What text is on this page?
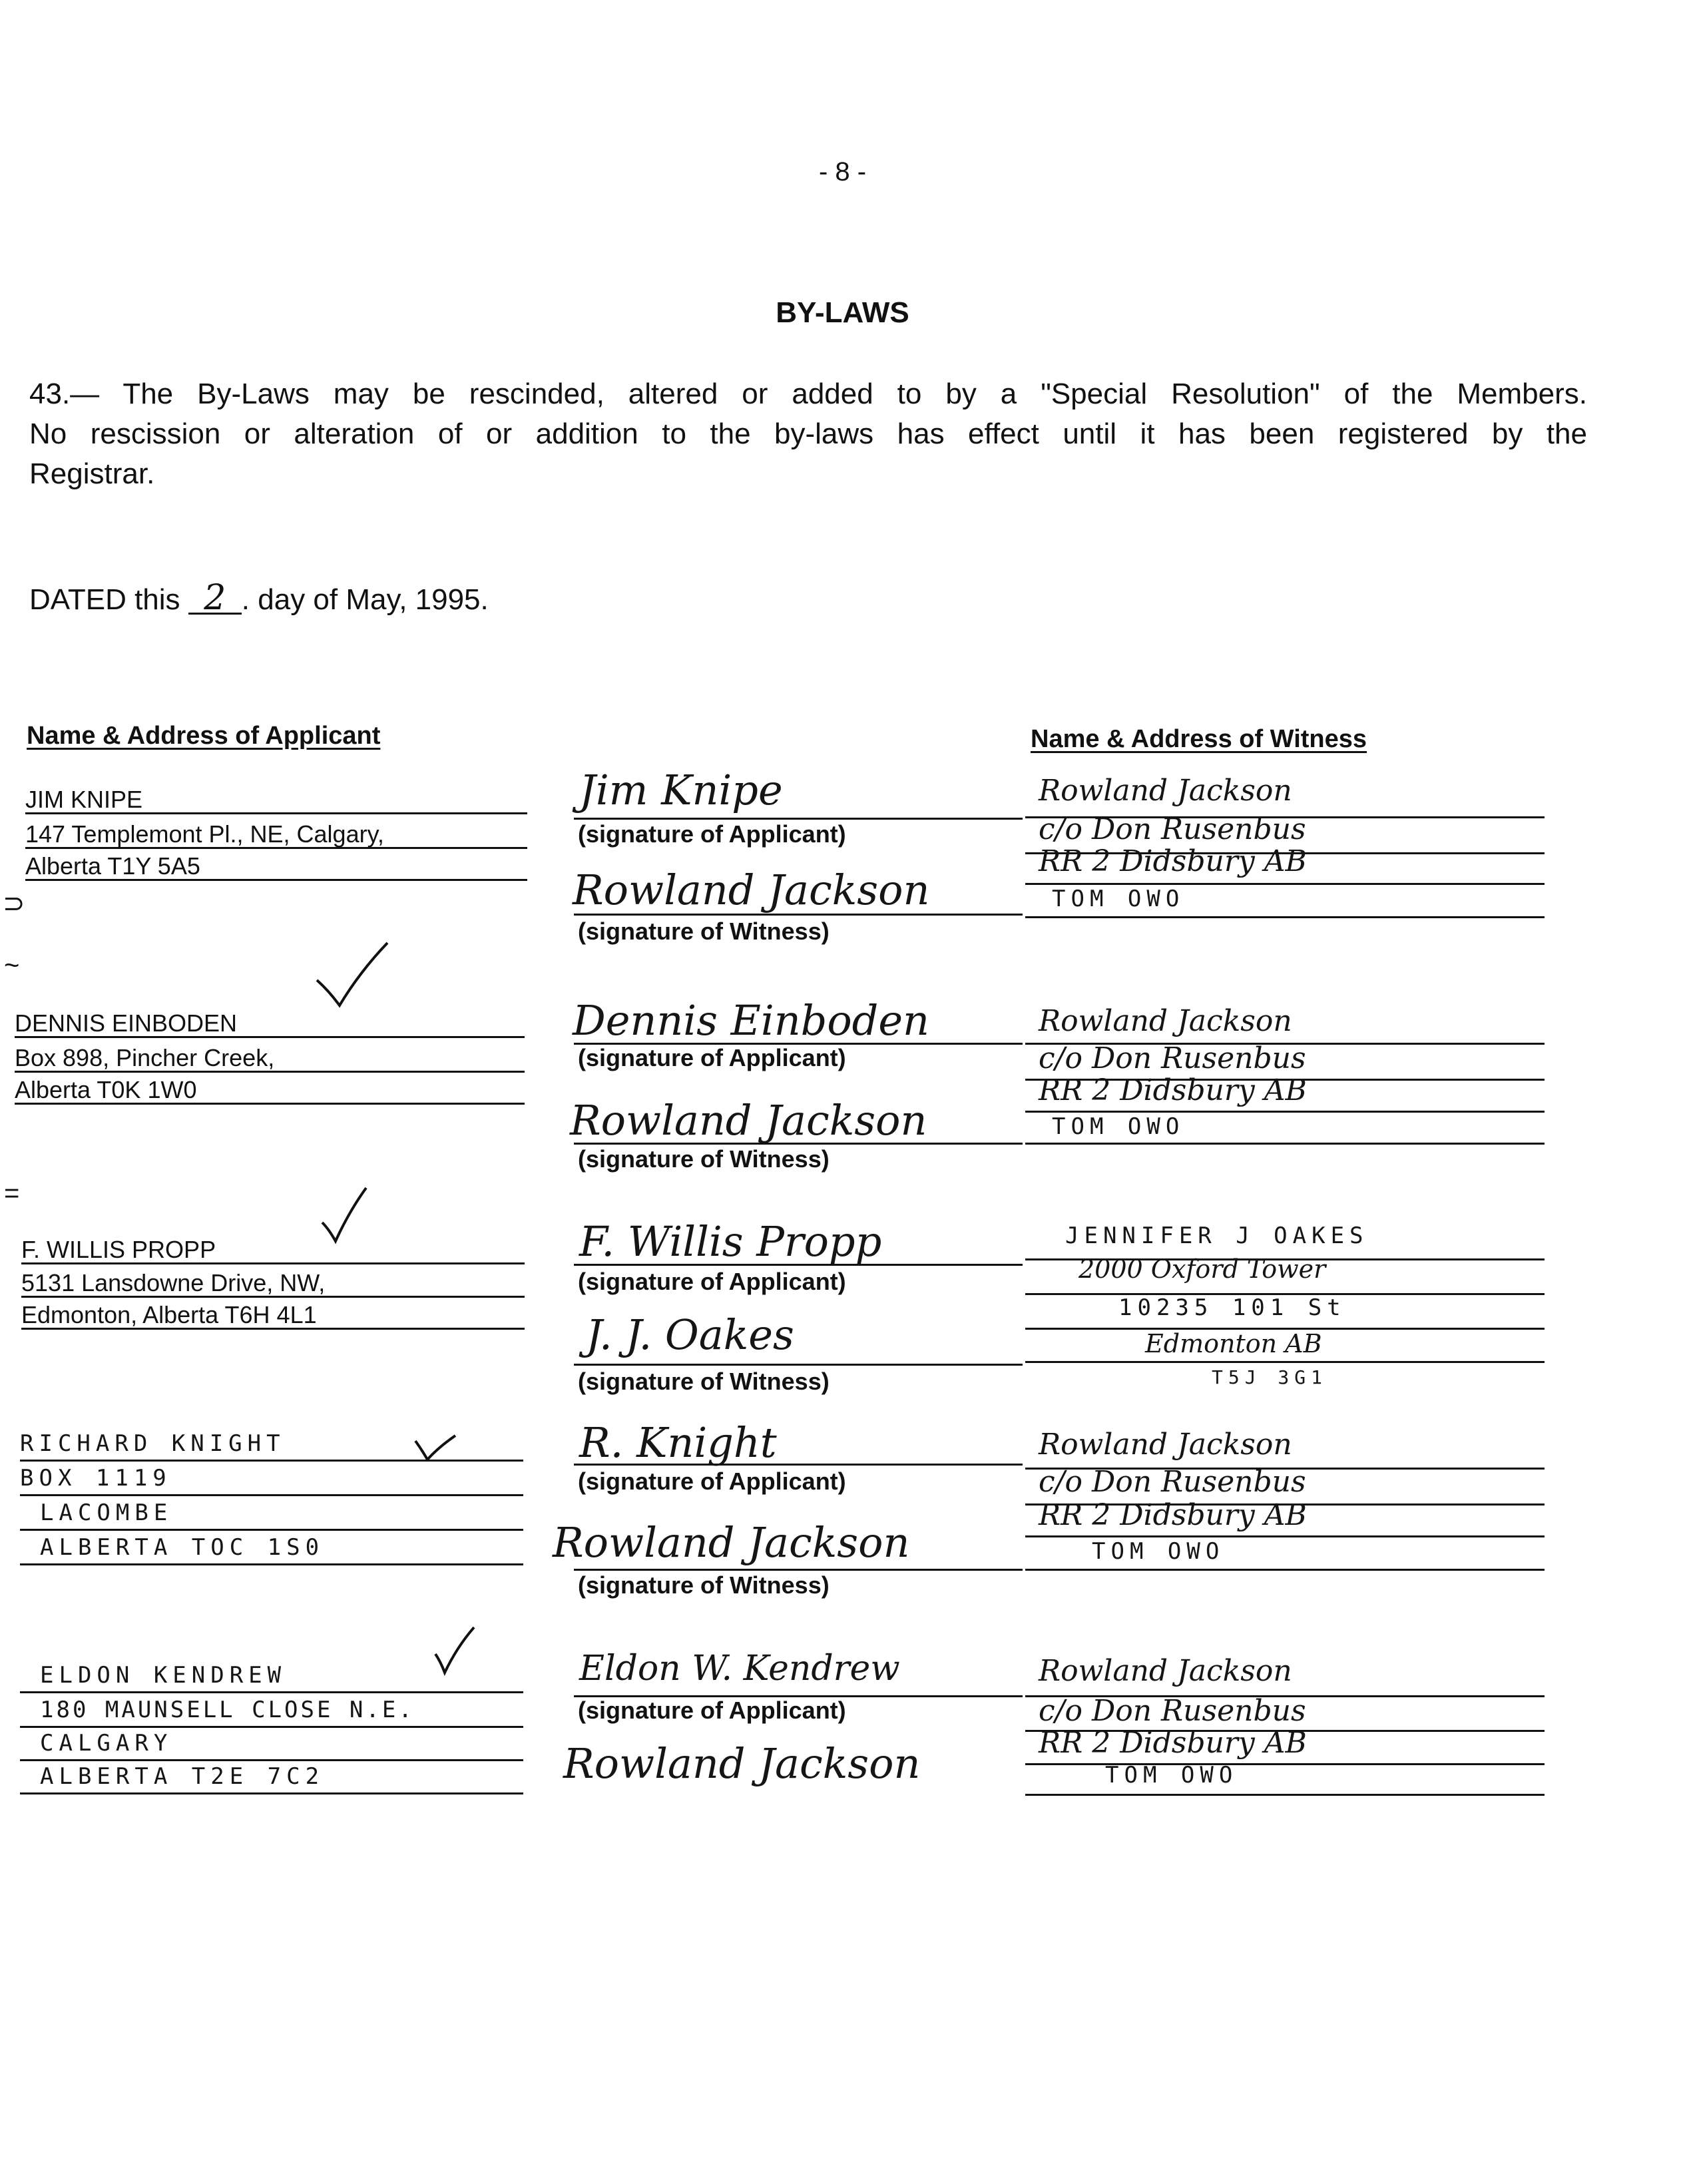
- 8 -
BY-LAWS
43.— The By-Laws may be rescinded, altered or added to by a "Special Resolution" of the Members.
No rescission or alteration of or addition to the by-laws has effect until it has been registered by the
Registrar.
DATED this 2 . day of May, 1995.
Name & Address of Applicant	Name & Address of Witness
JIM KNIPE
147 Templemont Pl., NE, Calgary,
Alberta T1Y 5A5
Jim Knipe
(signature of Applicant)
Rowland Jackson
(signature of Witness)
Rowland Jackson
c/o Don Rusenbus
RR 2 Didsbury AB
TOM OWO
DENNIS EINBODEN
Box 898, Pincher Creek,
Alberta T0K 1W0
Dennis Einboden
(signature of Applicant)
Rowland Jackson
(signature of Witness)
Rowland Jackson
c/o Don Rusenbus
RR 2 Didsbury AB
TOM OWO
F. WILLIS PROPP
5131 Lansdowne Drive, NW,
Edmonton, Alberta T6H 4L1
F. Willis Propp
(signature of Applicant)
J. J. Oakes
(signature of Witness)
JENNIFER J OAKES
2000 Oxford Tower
10235 101 St
Edmonton AB
T5J 3G1
RICHARD KNIGHT
BOX 1119
LACOMBE
ALBERTA TOC 1S0
R. Knight
(signature of Applicant)
Rowland Jackson
(signature of Witness)
Rowland Jackson
c/o Don Rusenbus
RR 2 Didsbury AB
TOM OWO
ELDON KENDREW
180 MAUNSELL CLOSE N.E.
CALGARY
ALBERTA T2E 7C2
Eldon W. Kendrew
(signature of Applicant)
Rowland Jackson
Rowland Jackson
c/o Don Rusenbus
RR 2 Didsbury AB
TOM OWO
⊃
~
=
